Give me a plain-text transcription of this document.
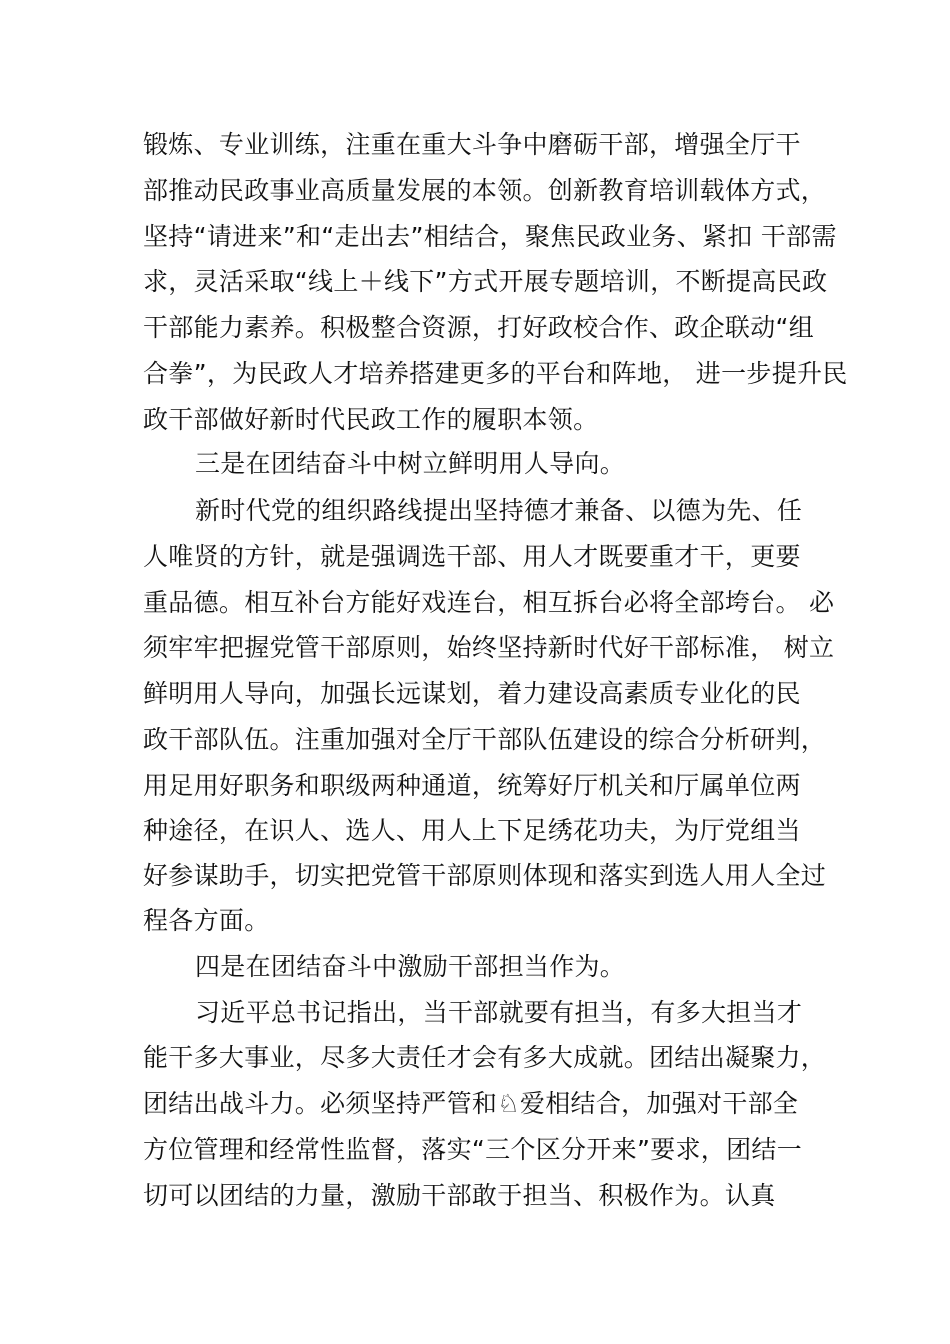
锻炼、专业训练，注重在重大斗争中磨砺干部，增强全厅干
部推动民政事业高质量发展的本领。创新教育培训载体方式，
坚持“请进来”和“走出去”相结合，聚焦民政业务、紧扣 干部需
求，灵活采取“线上＋线下”方式开展专题培训，不断提高民政
干部能力素养。积极整合资源，打好政校合作、政企联动“组
合拳”，为民政人才培养搭建更多的平台和阵地， 进一步提升民
政干部做好新时代民政工作的履职本领。
三是在团结奋斗中树立鲜明用人导向。
新时代党的组织路线提出坚持德才兼备、以德为先、任
人唯贤的方针，就是强调选干部、用人才既要重才干，更要
重品德。相互补台方能好戏连台，相互拆台必将全部垮台。 必
须牢牢把握党管干部原则，始终坚持新时代好干部标准， 树立
鲜明用人导向，加强长远谋划，着力建设高素质专业化的民
政干部队伍。注重加强对全厅干部队伍建设的综合分析研判，
用足用好职务和职级两种通道，统筹好厅机关和厅属单位两
种途径，在识人、选人、用人上下足绣花功夫，为厅党组当
好参谋助手，切实把党管干部原则体现和落实到选人用人全过
程各方面。
四是在团结奋斗中激励干部担当作为。
习近平总书记指出，当干部就要有担当，有多大担当才
能干多大事业，尽多大责任才会有多大成就。团结出凝聚力，
团结出战斗力。必须坚持严管和♘爱相结合，加强对干部全
方位管理和经常性监督，落实“三个区分开来”要求，团结一
切可以团结的力量，激励干部敢于担当、积极作为。认真
